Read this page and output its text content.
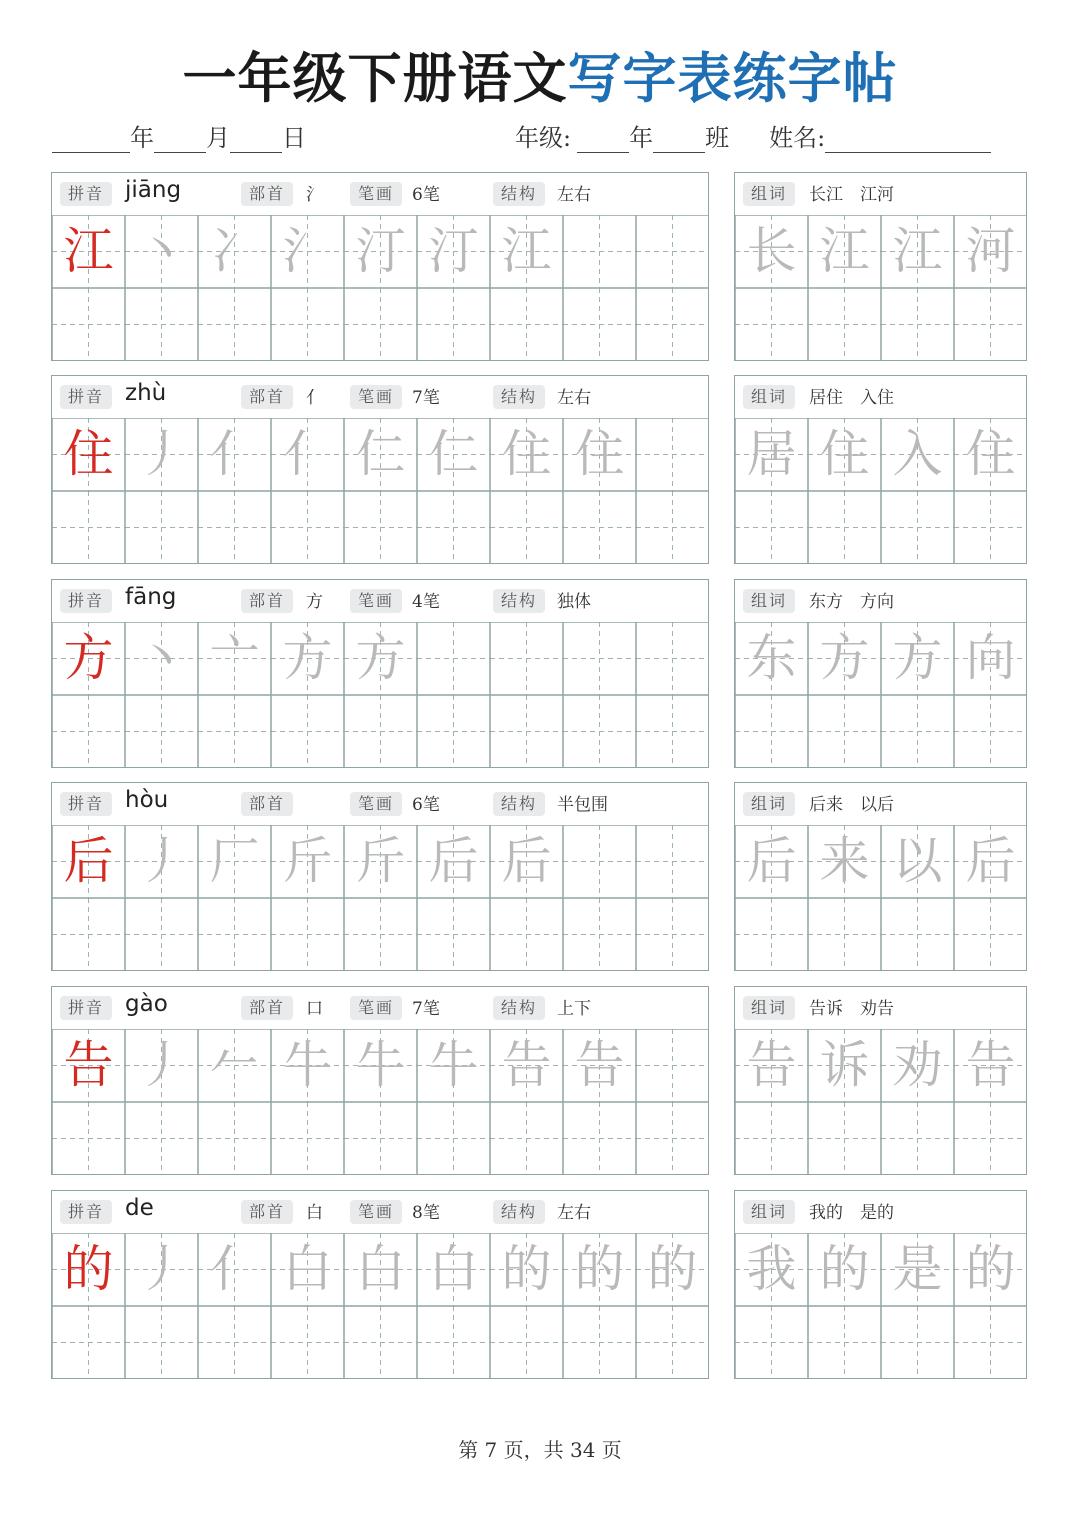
一年级下册语文写字表练字帖
年 月 日	年级: 年 班 姓名:
拼音 jiāng	部首	氵	笔画	6笔	结构	左右
江 丶 冫 氵 汀 汀 江
组词	长江　江河
长 江 江 河
拼音 zhù	部首	亻	笔画	7笔	结构	左右
住 丿 亻 亻 仁 仁 住 住
组词	居住　入住
居 住 入 住
拼音 fāng	部首	方	笔画	4笔	结构	独体
方 丶 亠 方 方
组词	东方　方向
东 方 方 向
拼音 hòu	部首	笔画	6笔	结构	半包围
后 丿 厂 斤 斤 后 后
组词	后来　以后
后 来 以 后
拼音 gào	部首	口	笔画	7笔	结构	上下
告 丿 𠂉 牛 牛 牛 告 告
组词	告诉　劝告
告 诉 劝 告
拼音 de	部首	白	笔画	8笔	结构	左右
的 丿 亻 白 白 白 的 的 的
组词	我的　是的
我 的 是 的
第 7 页，共 34 页
